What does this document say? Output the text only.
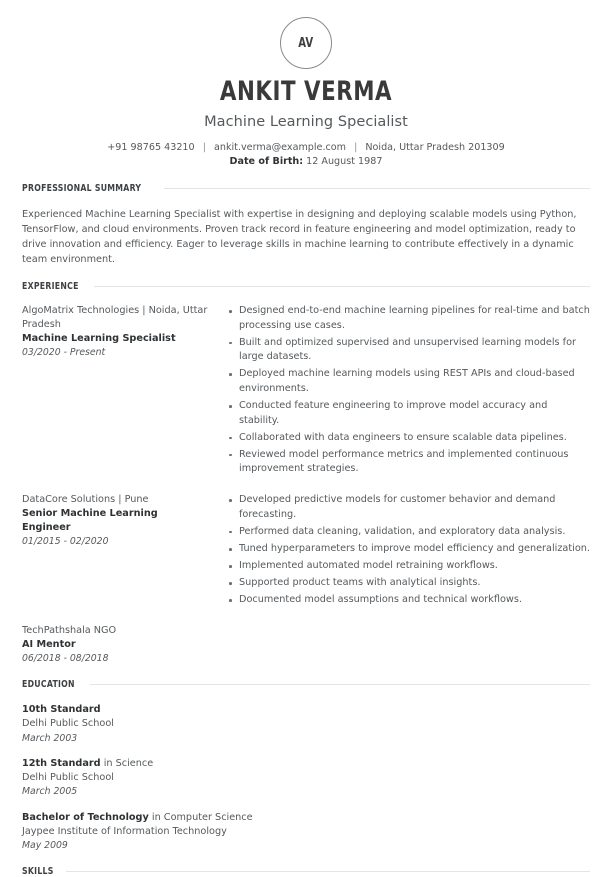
AV
ANKIT VERMA
Machine Learning Specialist
+91 98765 43210 | ankit.verma@example.com | Noida, Uttar Pradesh 201309
Date of Birth: 12 August 1987
PROFESSIONAL SUMMARY
Experienced Machine Learning Specialist with expertise in designing and deploying scalable models using Python, TensorFlow, and cloud environments. Proven track record in feature engineering and model optimization, ready to drive innovation and efficiency. Eager to leverage skills in machine learning to contribute effectively in a dynamic team environment.
EXPERIENCE
AlgoMatrix Technologies | Noida, Uttar Pradesh
Machine Learning Specialist
03/2020 - Present
Designed end-to-end machine learning pipelines for real-time and batch processing use cases.
Built and optimized supervised and unsupervised learning models for large datasets.
Deployed machine learning models using REST APIs and cloud-based environments.
Conducted feature engineering to improve model accuracy and stability.
Collaborated with data engineers to ensure scalable data pipelines.
Reviewed model performance metrics and implemented continuous improvement strategies.
DataCore Solutions | Pune
Senior Machine Learning Engineer
01/2015 - 02/2020
Developed predictive models for customer behavior and demand forecasting.
Performed data cleaning, validation, and exploratory data analysis.
Tuned hyperparameters to improve model efficiency and generalization.
Implemented automated model retraining workflows.
Supported product teams with analytical insights.
Documented model assumptions and technical workflows.
TechPathshala NGO
AI Mentor
06/2018 - 08/2018
EDUCATION
10th Standard
Delhi Public School
March 2003
12th Standard in Science
Delhi Public School
March 2005
Bachelor of Technology in Computer Science
Jaypee Institute of Information Technology
May 2009
SKILLS
